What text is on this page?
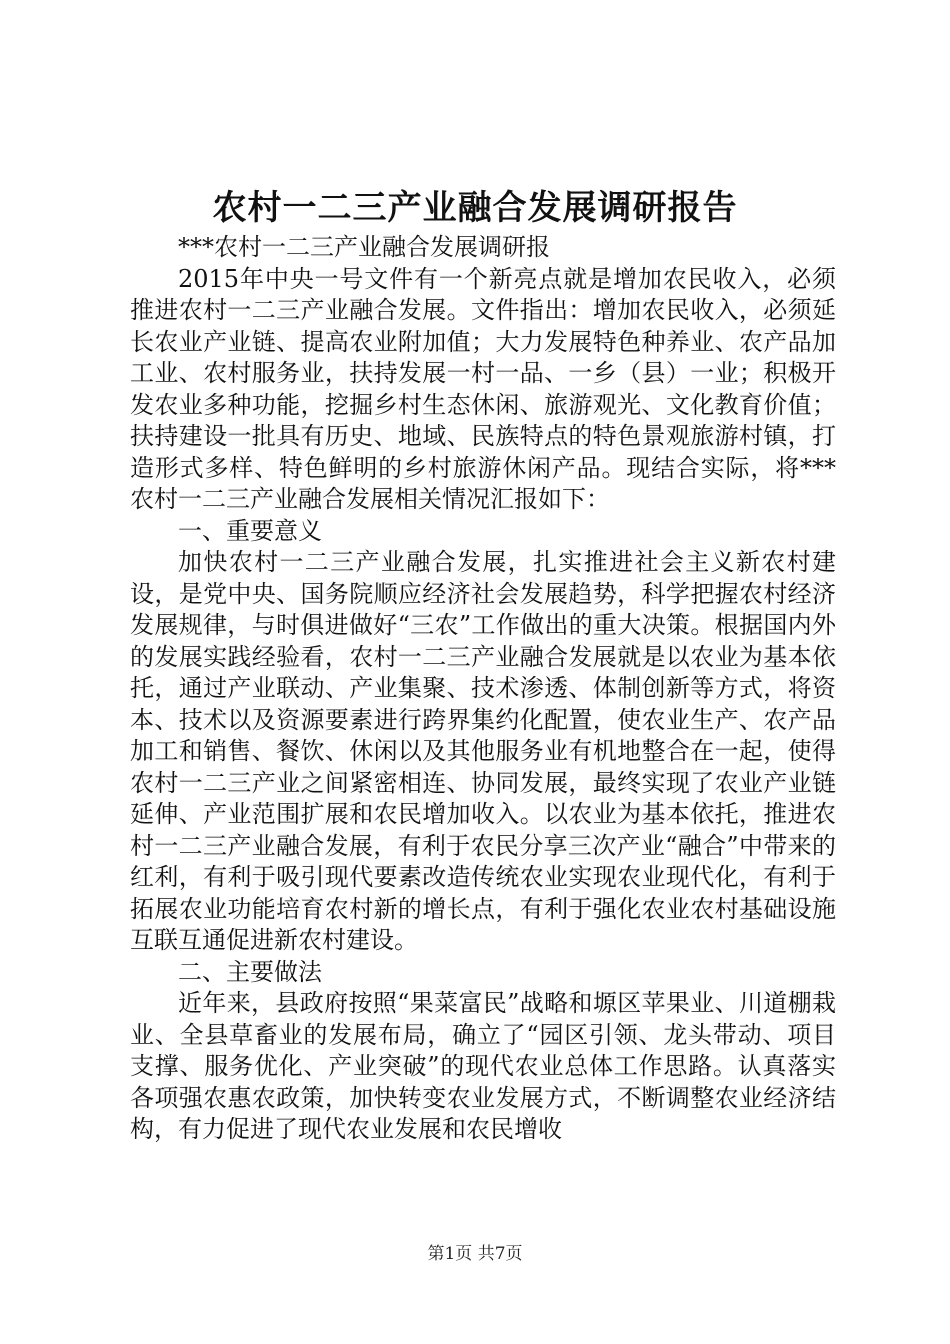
农村一二三产业融合发展调研报告

***农村一二三产业融合发展调研报

2015年中央一号文件有一个新亮点就是增加农民收入，必须推进农村一二三产业融合发展。文件指出：增加农民收入，必须延长农业产业链、提高农业附加值；大力发展特色种养业、农产品加工业、农村服务业，扶持发展一村一品、一乡（县）一业；积极开发农业多种功能，挖掘乡村生态休闲、旅游观光、文化教育价值；扶持建设一批具有历史、地域、民族特点的特色景观旅游村镇，打造形式多样、特色鲜明的乡村旅游休闲产品。现结合实际，将***农村一二三产业融合发展相关情况汇报如下：

一、重要意义

加快农村一二三产业融合发展，扎实推进社会主义新农村建设，是党中央、国务院顺应经济社会发展趋势，科学把握农村经济发展规律，与时俱进做好“三农”工作做出的重大决策。根据国内外的发展实践经验看，农村一二三产业融合发展就是以农业为基本依托，通过产业联动、产业集聚、技术渗透、体制创新等方式，将资本、技术以及资源要素进行跨界集约化配置，使农业生产、农产品加工和销售、餐饮、休闲以及其他服务业有机地整合在一起，使得农村一二三产业之间紧密相连、协同发展，最终实现了农业产业链延伸、产业范围扩展和农民增加收入。以农业为基本依托，推进农村一二三产业融合发展，有利于农民分享三次产业“融合”中带来的红利，有利于吸引现代要素改造传统农业实现农业现代化，有利于拓展农业功能培育农村新的增长点，有利于强化农业农村基础设施互联互通促进新农村建设。

二、主要做法

近年来，县政府按照“果菜富民”战略和塬区苹果业、川道棚栽业、全县草畜业的发展布局，确立了“园区引领、龙头带动、项目支撑、服务优化、产业突破”的现代农业总体工作思路。认真落实各项强农惠农政策，加快转变农业发展方式，不断调整农业经济结构，有力促进了现代农业发展和农民增收

第1页 共7页
